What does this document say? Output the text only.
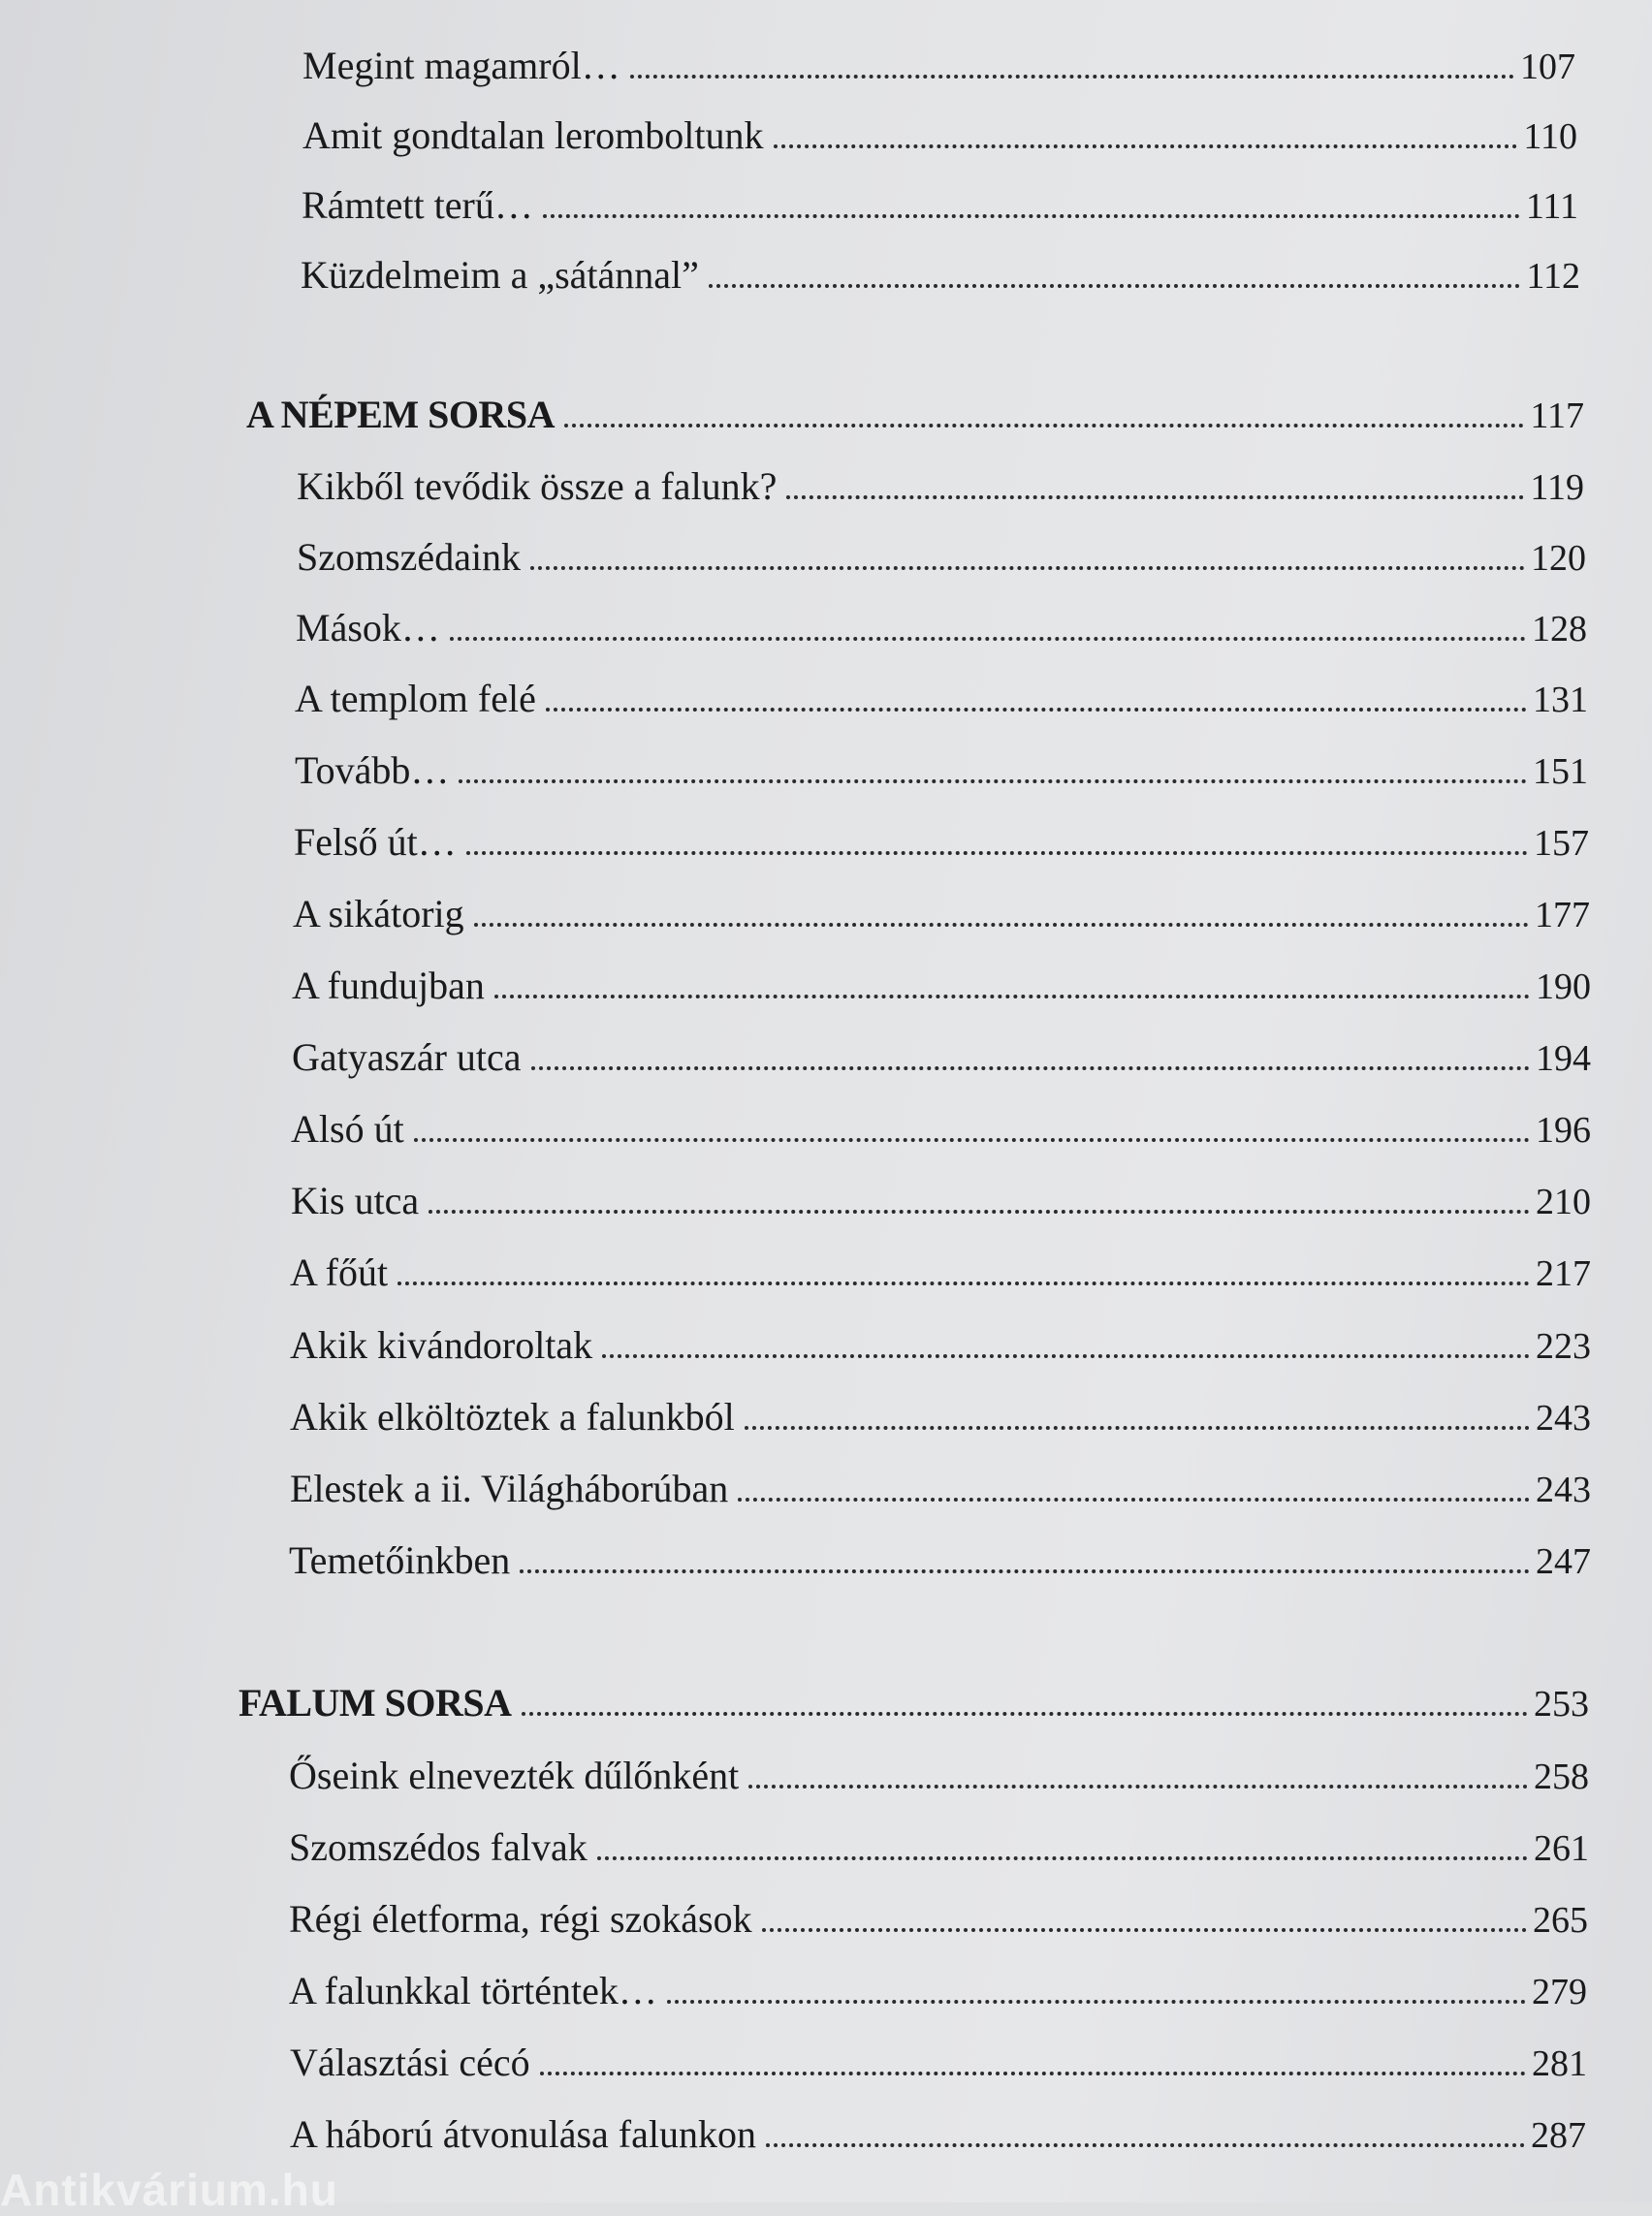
Megint magamról…	107
Amit gondtalan leromboltunk	110
Rámtett terű…	111
Küzdelmeim a „sátánnal”	112
A NÉPEM SORSA	117
Kikből tevődik össze a falunk?	119
Szomszédaink	120
Mások…	128
A templom felé	131
Tovább…	151
Felső út…	157
A sikátorig	177
A fundujban	190
Gatyaszár utca	194
Alsó út	196
Kis utca	210
A főút	217
Akik kivándoroltak	223
Akik elköltöztek a falunkból	243
Elestek a ii. Világháborúban	243
Temetőinkben	247
FALUM SORSA	253
Őseink elnevezték dűlőnként	258
Szomszédos falvak	261
Régi életforma, régi szokások	265
A falunkkal történtek…	279
Választási cécó	281
A háború átvonulása falunkon	287
Antikvárium.hu
